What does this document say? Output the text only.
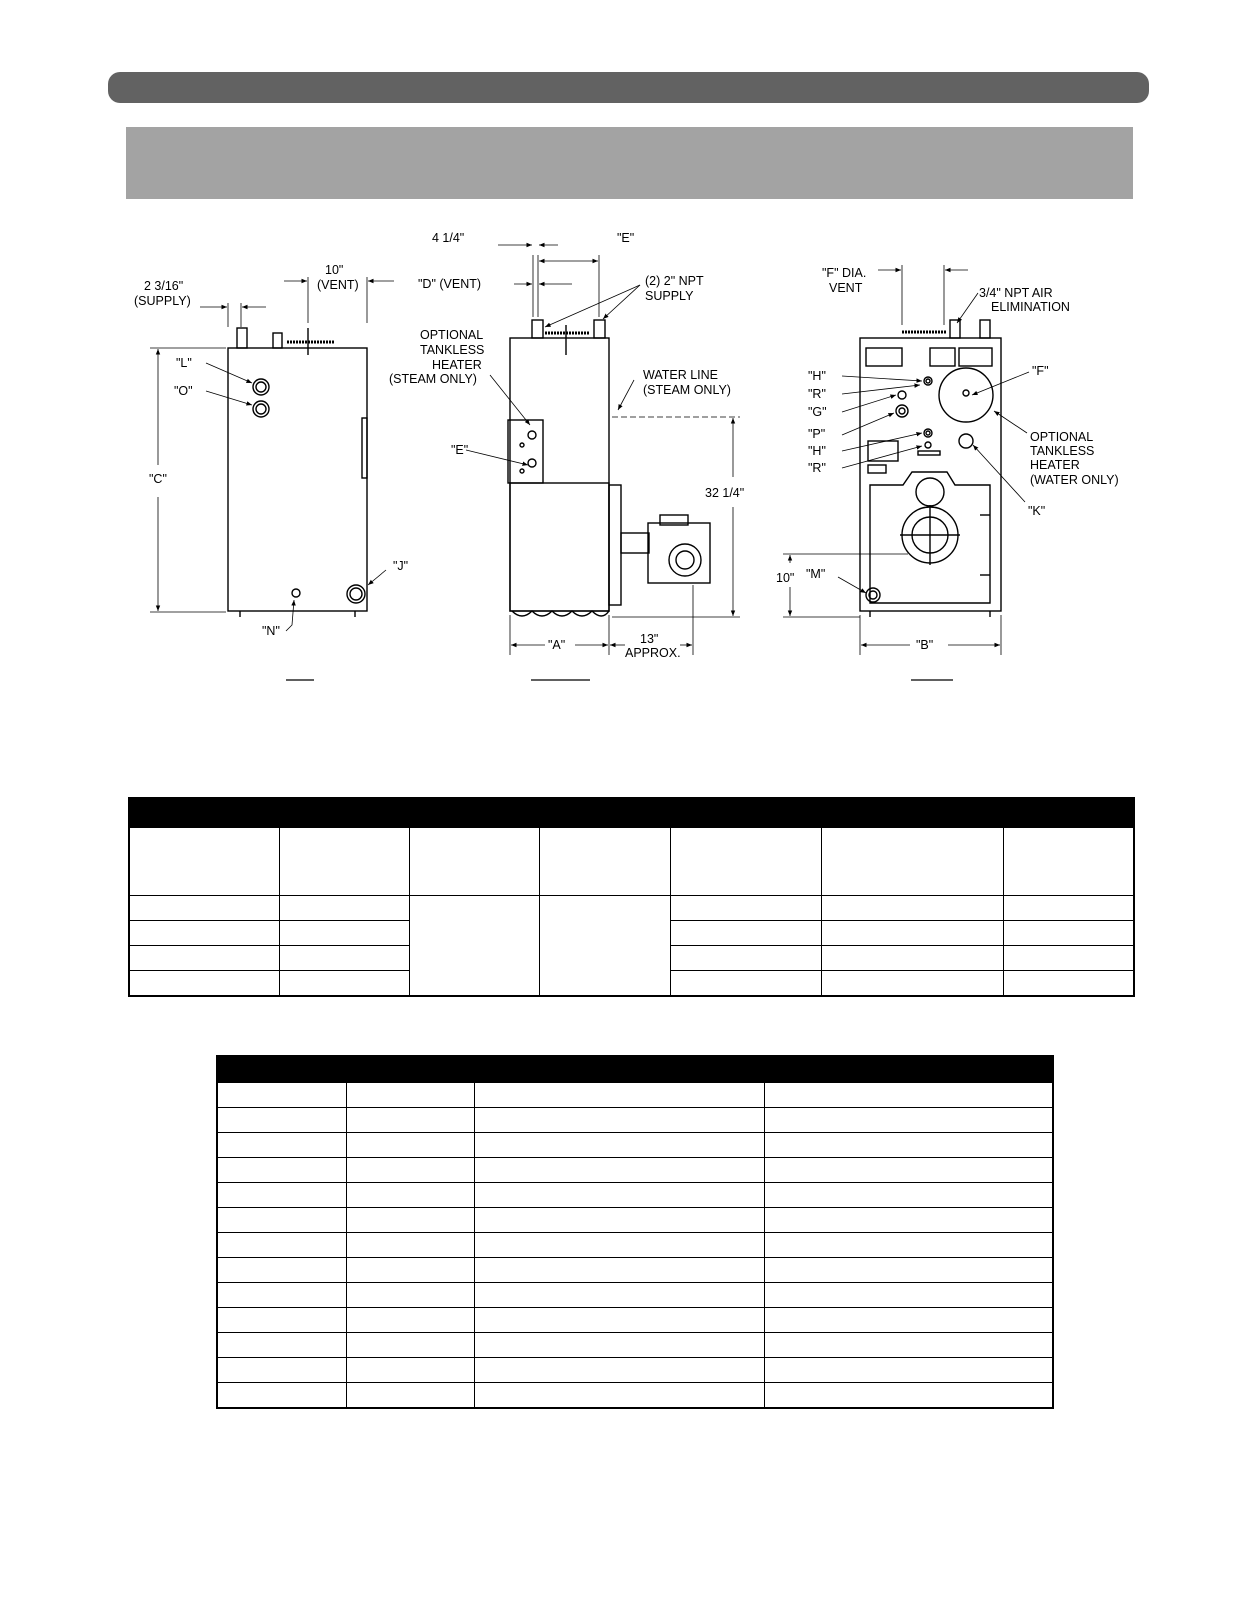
2 3/16"
(SUPPLY)
10"
(VENT)
"L"
"O"
"C"
"J"
"N"
4 1/4"	"E"
"D" (VENT)	(2) 2" NPT
SUPPLY
OPTIONAL
TANKLESS
HEATER
(STEAM ONLY)	WATER LINE
(STEAM ONLY)
"E"
32 1/4"
"A"	13"
APPROX.
"F" DIA.
VENT	3/4" NPT AIR
ELIMINATION
"H"
"R"
"G"
"P"
"H"
"R"
"F"
OPTIONAL
TANKLESS
HEATER
(WATER ONLY)
"K"
10" "M"
"B"
